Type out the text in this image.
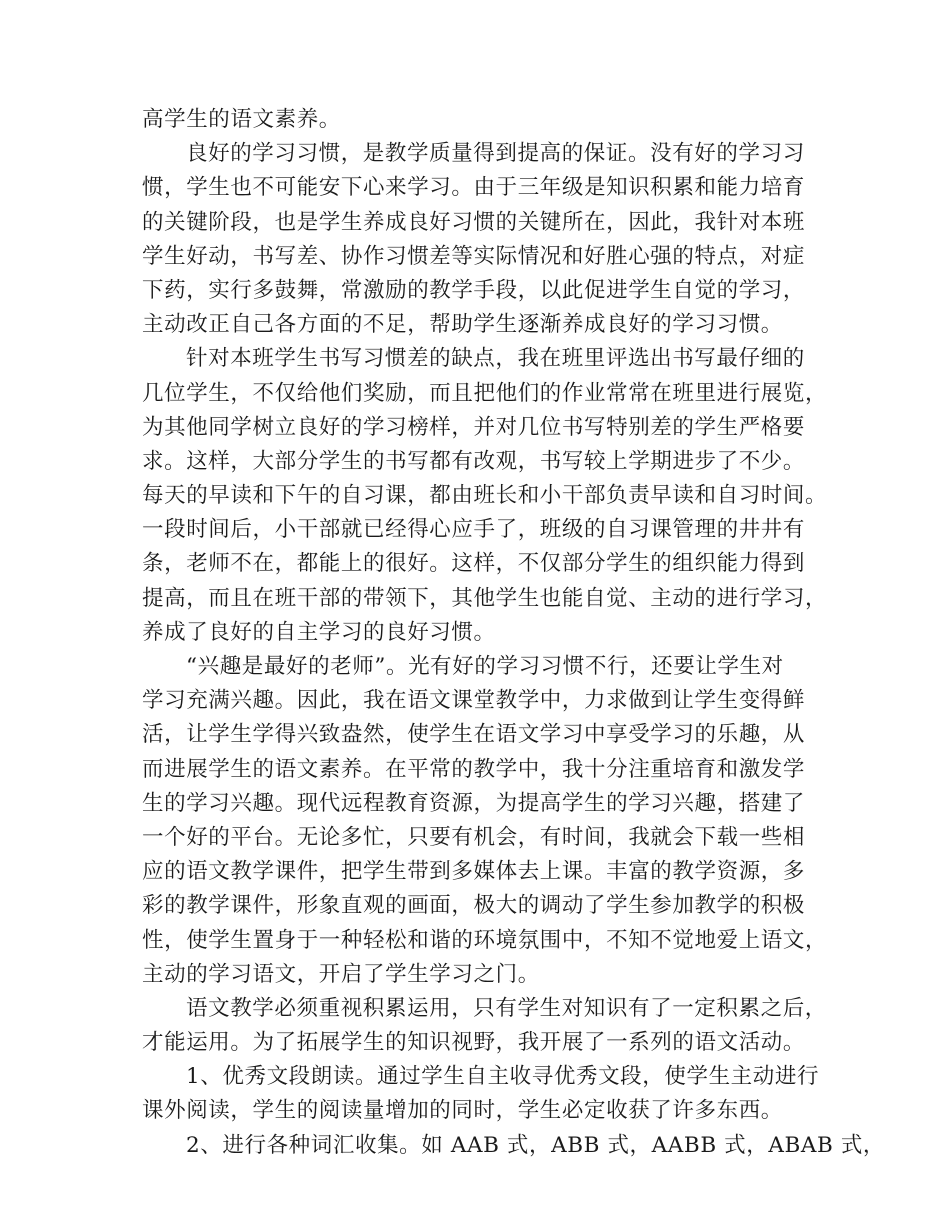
高学生的语文素养。
良好的学习习惯，是教学质量得到提高的保证。没有好的学习习
惯，学生也不可能安下心来学习。由于三年级是知识积累和能力培育
的关键阶段，也是学生养成良好习惯的关键所在，因此，我针对本班
学生好动，书写差、协作习惯差等实际情况和好胜心强的特点，对症
下药，实行多鼓舞，常激励的教学手段，以此促进学生自觉的学习，
主动改正自己各方面的不足，帮助学生逐渐养成良好的学习习惯。
针对本班学生书写习惯差的缺点，我在班里评选出书写最仔细的
几位学生，不仅给他们奖励，而且把他们的作业常常在班里进行展览，
为其他同学树立良好的学习榜样，并对几位书写特别差的学生严格要
求。这样，大部分学生的书写都有改观，书写较上学期进步了不少。
每天的早读和下午的自习课，都由班长和小干部负责早读和自习时间。
一段时间后，小干部就已经得心应手了，班级的自习课管理的井井有
条，老师不在，都能上的很好。这样，不仅部分学生的组织能力得到
提高，而且在班干部的带领下，其他学生也能自觉、主动的进行学习，
养成了良好的自主学习的良好习惯。
“兴趣是最好的老师”。光有好的学习习惯不行，还要让学生对
学习充满兴趣。因此，我在语文课堂教学中，力求做到让学生变得鲜
活，让学生学得兴致盎然，使学生在语文学习中享受学习的乐趣，从
而进展学生的语文素养。在平常的教学中，我十分注重培育和激发学
生的学习兴趣。现代远程教育资源，为提高学生的学习兴趣，搭建了
一个好的平台。无论多忙，只要有机会，有时间，我就会下载一些相
应的语文教学课件，把学生带到多媒体去上课。丰富的教学资源，多
彩的教学课件，形象直观的画面，极大的调动了学生参加教学的积极
性，使学生置身于一种轻松和谐的环境氛围中，不知不觉地爱上语文，
主动的学习语文，开启了学生学习之门。
语文教学必须重视积累运用，只有学生对知识有了一定积累之后，
才能运用。为了拓展学生的知识视野，我开展了一系列的语文活动。
1、优秀文段朗读。通过学生自主收寻优秀文段，使学生主动进行
课外阅读，学生的阅读量增加的同时，学生必定收获了许多东西。
2、进行各种词汇收集。如 AAB 式，ABB 式，AABB 式，ABAB 式，
